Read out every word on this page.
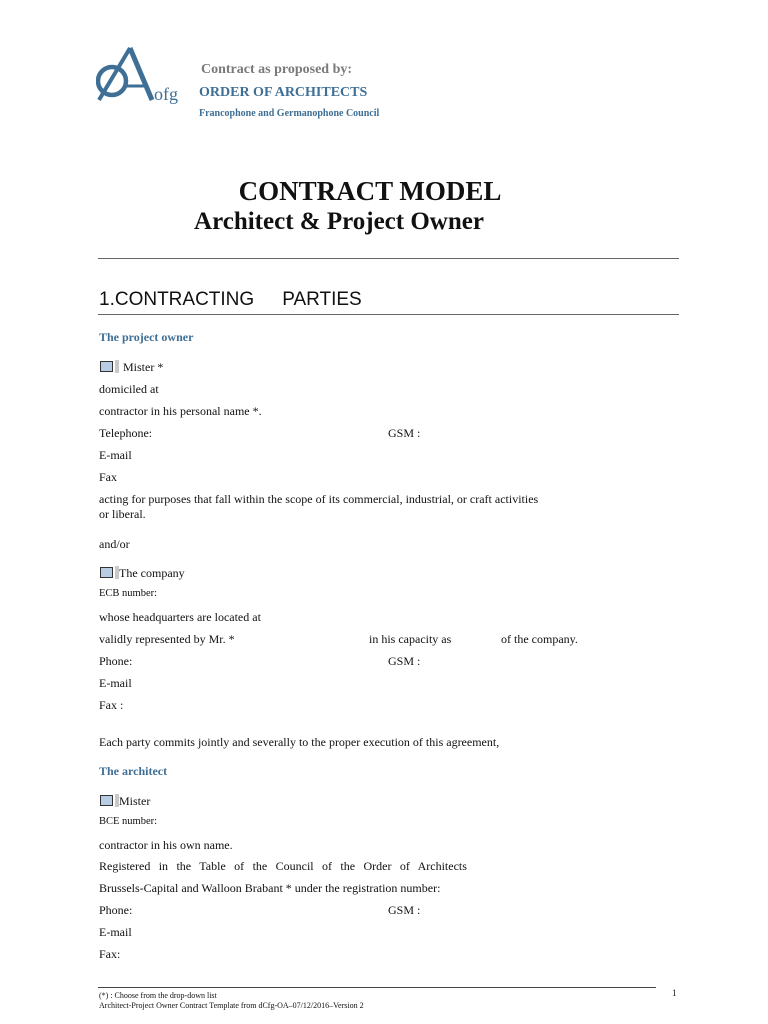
ofg
Contract as proposed by:
ORDER OF ARCHITECTS
Francophone and Germanophone Council
CONTRACT MODEL
Architect & Project Owner
1.CONTRACTING PARTIES
The project owner
Mister *
domiciled at
contractor in his personal name *.
Telephone:	GSM :
E-mail
Fax
acting for purposes that fall within the scope of its commercial, industrial, or craft activities
or liberal.
and/or
The company
ECB number:
whose headquarters are located at
validly represented by Mr. *	in his capacity as	of the company.
Phone:	GSM :
E-mail
Fax :
Each party commits jointly and severally to the proper execution of this agreement,
The architect
Mister
BCE number:
contractor in his own name.
Registered in the Table of the Council of the Order of Architects
Brussels-Capital and Walloon Brabant * under the registration number:
Phone:	GSM :
E-mail
Fax:
(*) : Choose from the drop-down list
Architect-Project Owner Contract Template from dCfg-OA–07/12/2016–Version 2
1
